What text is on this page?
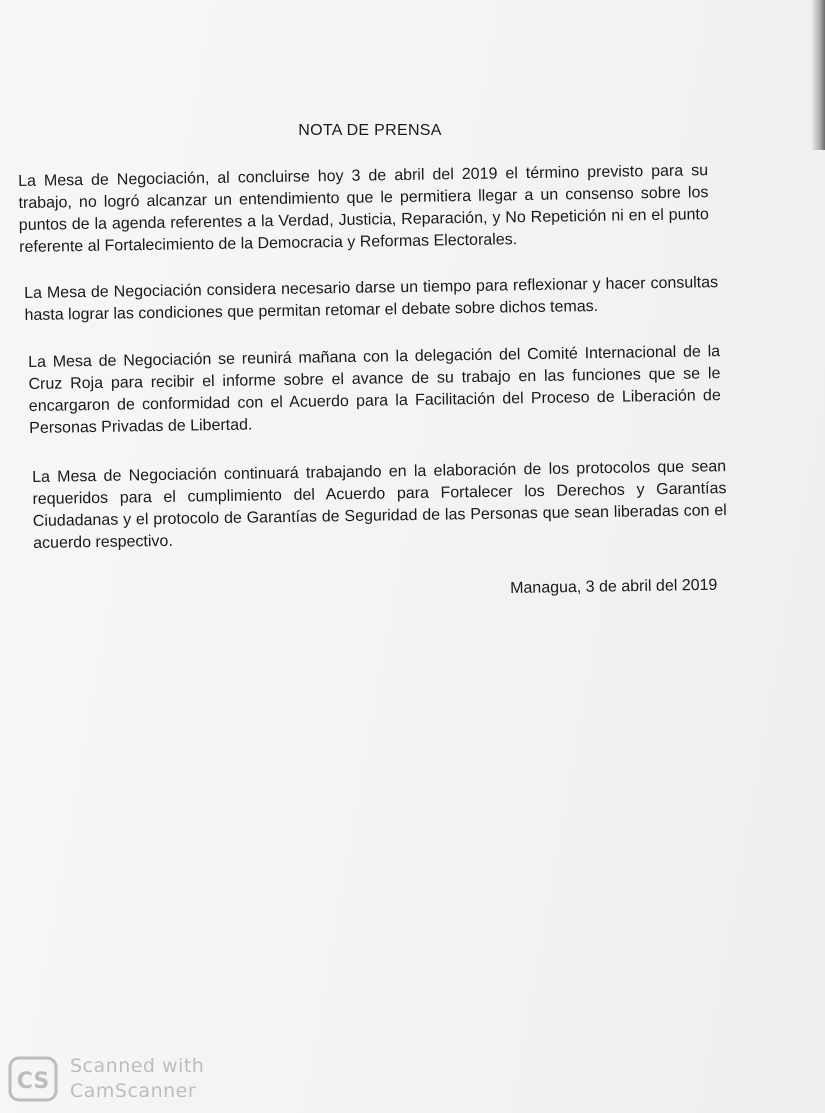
NOTA DE PRENSA

La Mesa de Negociación, al concluirse hoy 3 de abril del 2019 el término previsto para su trabajo, no logró alcanzar un entendimiento que le permitiera llegar a un consenso sobre los puntos de la agenda referentes a la Verdad, Justicia, Reparación, y No Repetición ni en el punto referente al Fortalecimiento de la Democracia y Reformas Electorales.

La Mesa de Negociación considera necesario darse un tiempo para reflexionar y hacer consultas hasta lograr las condiciones que permitan retomar el debate sobre dichos temas.

La Mesa de Negociación se reunirá mañana con la delegación del Comité Internacional de la Cruz Roja para recibir el informe sobre el avance de su trabajo en las funciones que se le encargaron de conformidad con el Acuerdo para la Facilitación del Proceso de Liberación de Personas Privadas de Libertad.

La Mesa de Negociación continuará trabajando en la elaboración de los protocolos que sean requeridos para el cumplimiento del Acuerdo para Fortalecer los Derechos y Garantías Ciudadanas y el protocolo de Garantías de Seguridad de las Personas que sean liberadas con el acuerdo respectivo.

Managua, 3 de abril del 2019
CS
Scanned with
CamScanner
